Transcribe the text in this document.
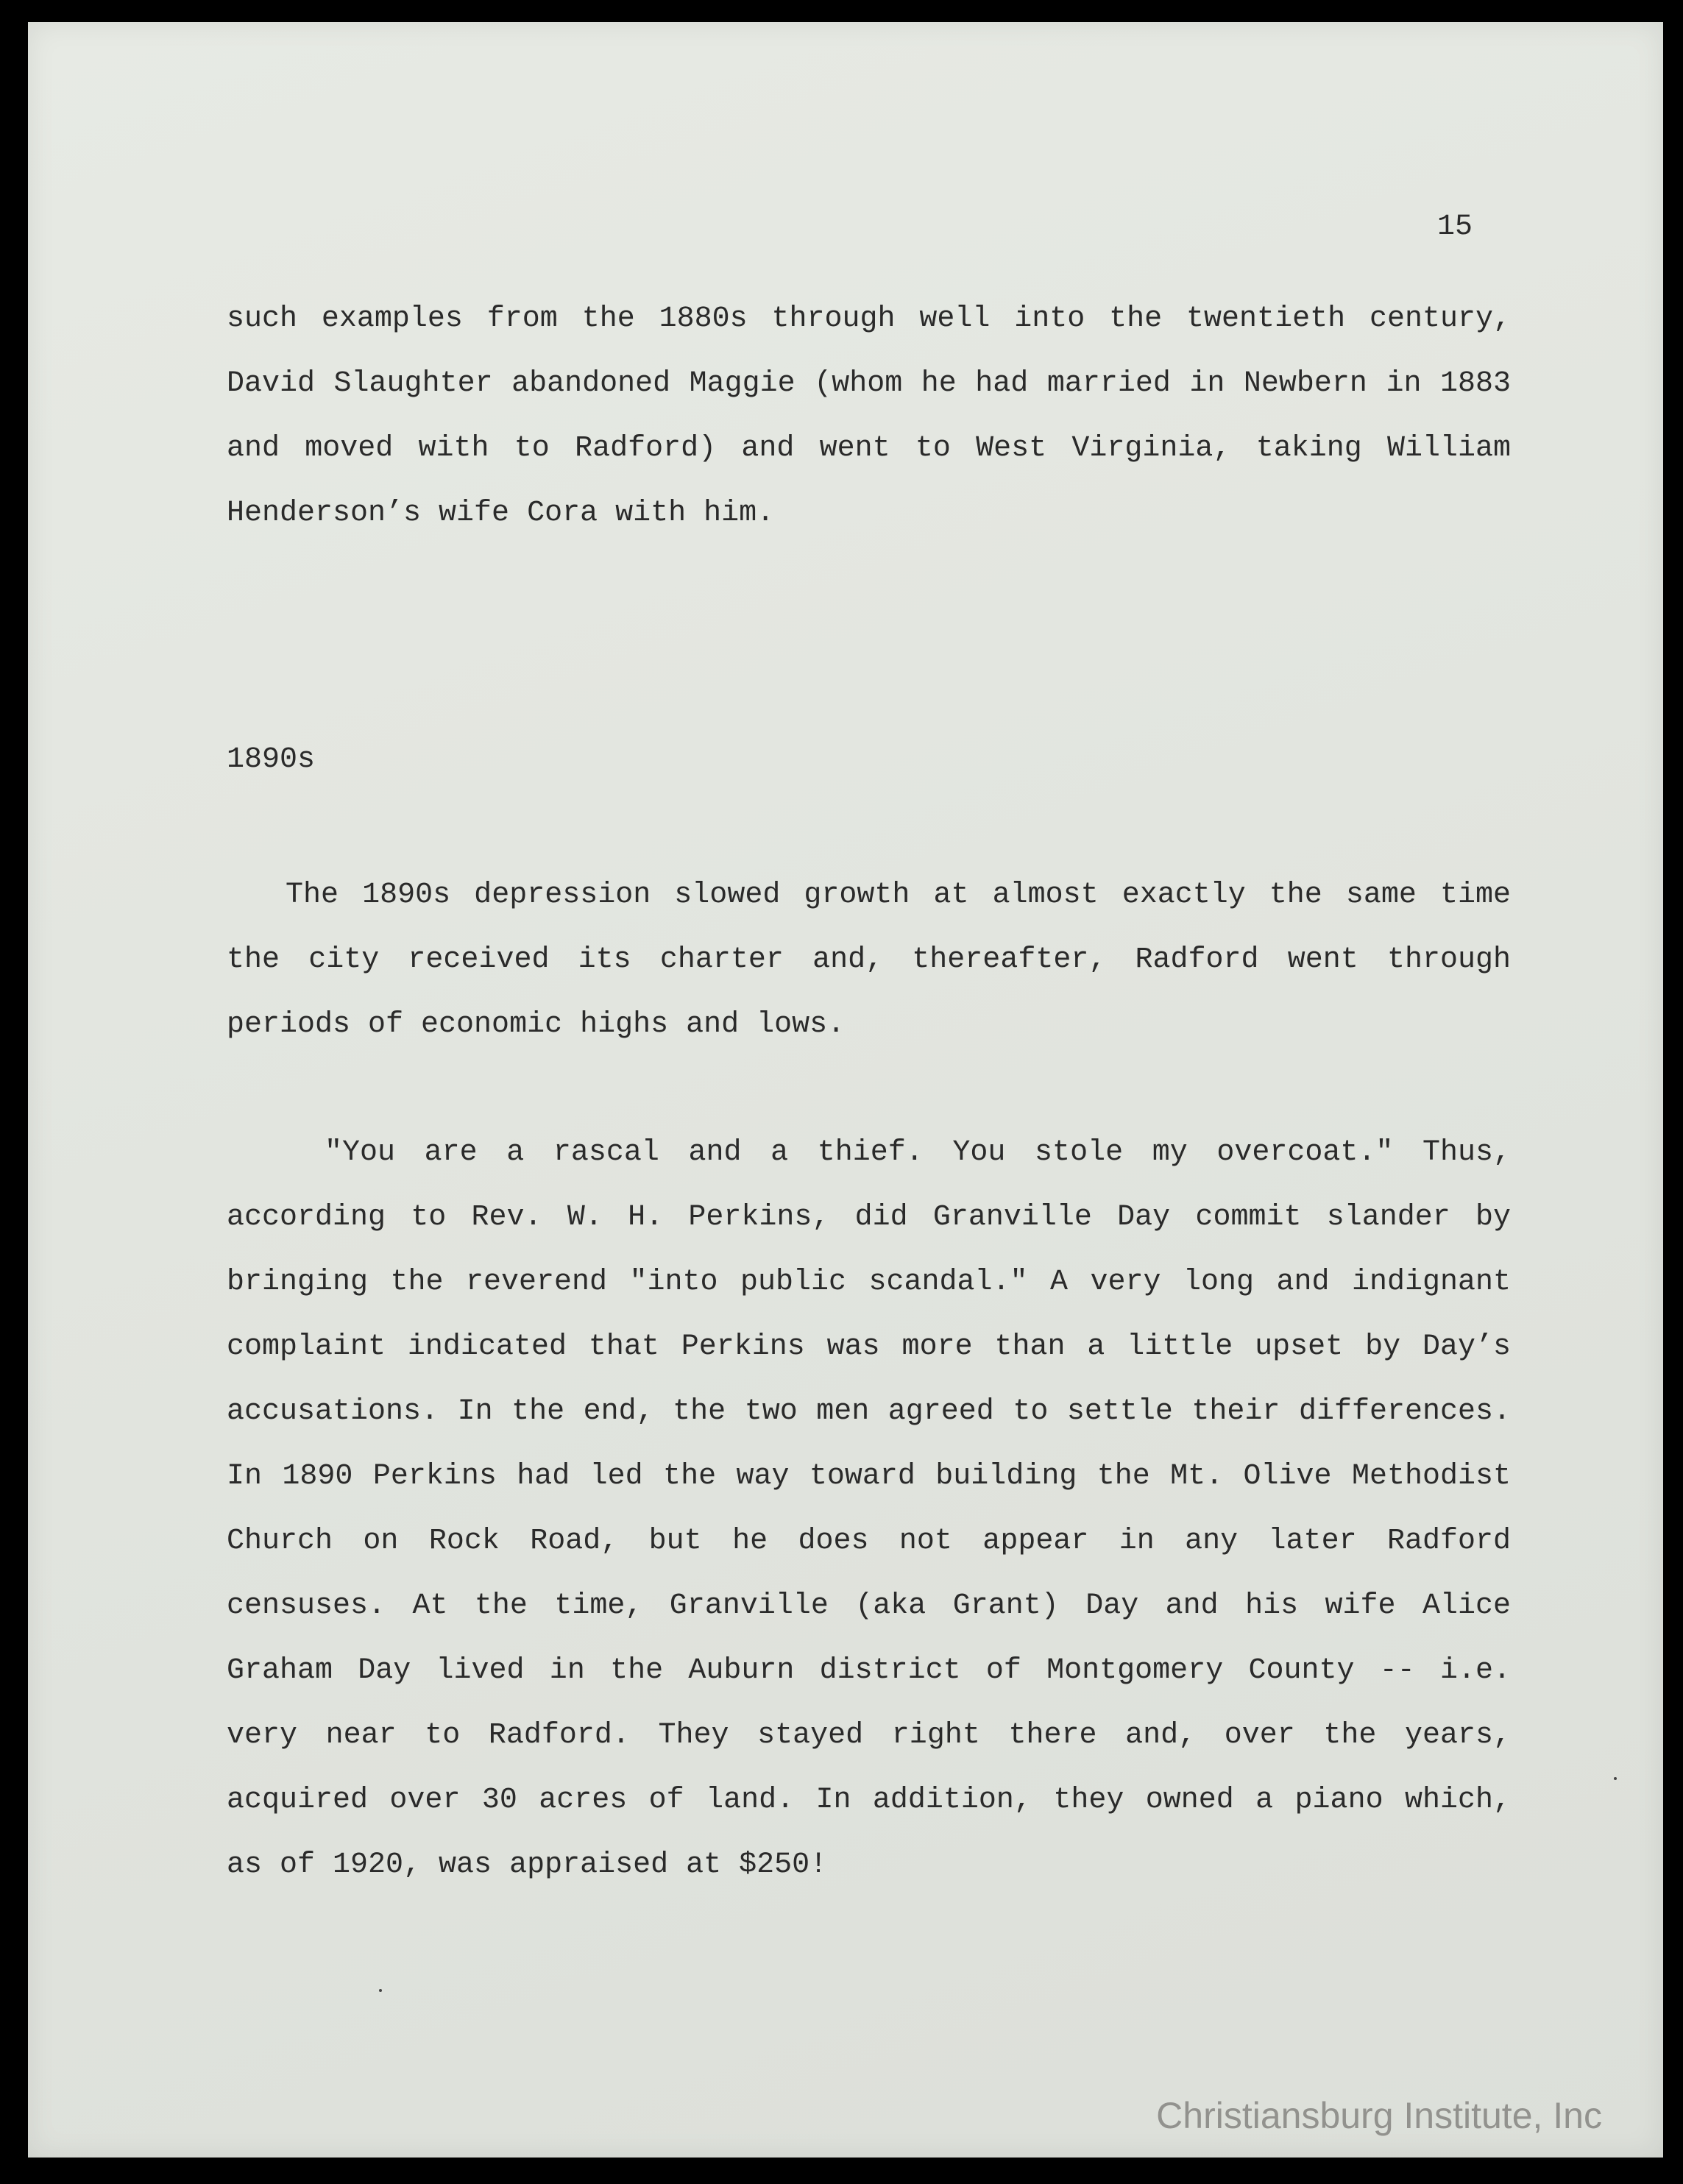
15

such examples from the 1880s through well into the twentieth century, David Slaughter abandoned Maggie (whom he had married in Newbern in 1883 and moved with to Radford) and went to West Virginia, taking William Henderson’s wife Cora with him.

1890s

The 1890s depression slowed growth at almost exactly the same time the city received its charter and, thereafter, Radford went through periods of economic highs and lows.

"You are a rascal and a thief. You stole my overcoat." Thus, according to Rev. W. H. Perkins, did Granville Day commit slander by bringing the reverend "into public scandal." A very long and indignant complaint indicated that Perkins was more than a little upset by Day’s accusations. In the end, the two men agreed to settle their differences. In 1890 Perkins had led the way toward building the Mt. Olive Methodist Church on Rock Road, but he does not appear in any later Radford censuses. At the time, Granville (aka Grant) Day and his wife Alice Graham Day lived in the Auburn district of Montgomery County -- i.e. very near to Radford. They stayed right there and, over the years, acquired over 30 acres of land. In addition, they owned a piano which, as of 1920, was appraised at $250!

Christiansburg Institute, Inc
